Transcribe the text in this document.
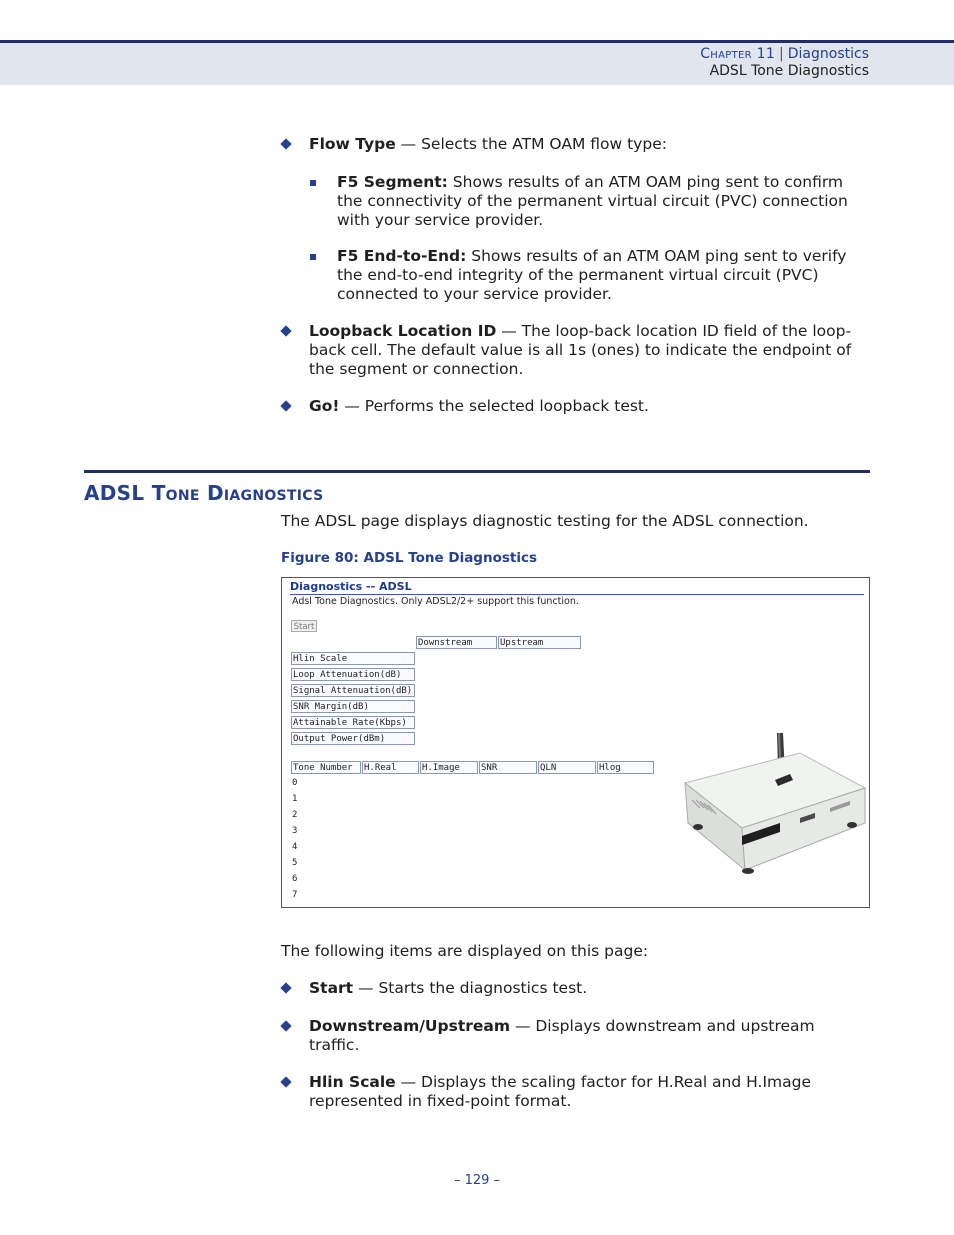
Chapter 11 | Diagnostics
ADSL Tone Diagnostics
Flow Type — Selects the ATM OAM flow type:
F5 Segment: Shows results of an ATM OAM ping sent to confirm the connectivity of the permanent virtual circuit (PVC) connection with your service provider.
F5 End-to-End: Shows results of an ATM OAM ping sent to verify the end-to-end integrity of the permanent virtual circuit (PVC) connected to your service provider.
Loopback Location ID — The loop-back location ID field of the loop-back cell. The default value is all 1s (ones) to indicate the endpoint of the segment or connection.
Go! — Performs the selected loopback test.
ADSL Tone Diagnostics
The ADSL page displays diagnostic testing for the ADSL connection.
Figure 80: ADSL Tone Diagnostics
Diagnostics -- ADSL
Adsl Tone Diagnostics. Only ADSL2/2+ support this function.
Start
Downstream	Upstream
Hlin Scale
Loop Attenuation(dB)
Signal Attenuation(dB)
SNR Margin(dB)
Attainable Rate(Kbps)
Output Power(dBm)
Tone Number	H.Real	H.Image	SNR	QLN	Hlog
0
1
2
3
4
5
6
7
The following items are displayed on this page:
Start — Starts the diagnostics test.
Downstream/Upstream — Displays downstream and upstream traffic.
Hlin Scale — Displays the scaling factor for H.Real and H.Image represented in fixed-point format.
– 129 –
